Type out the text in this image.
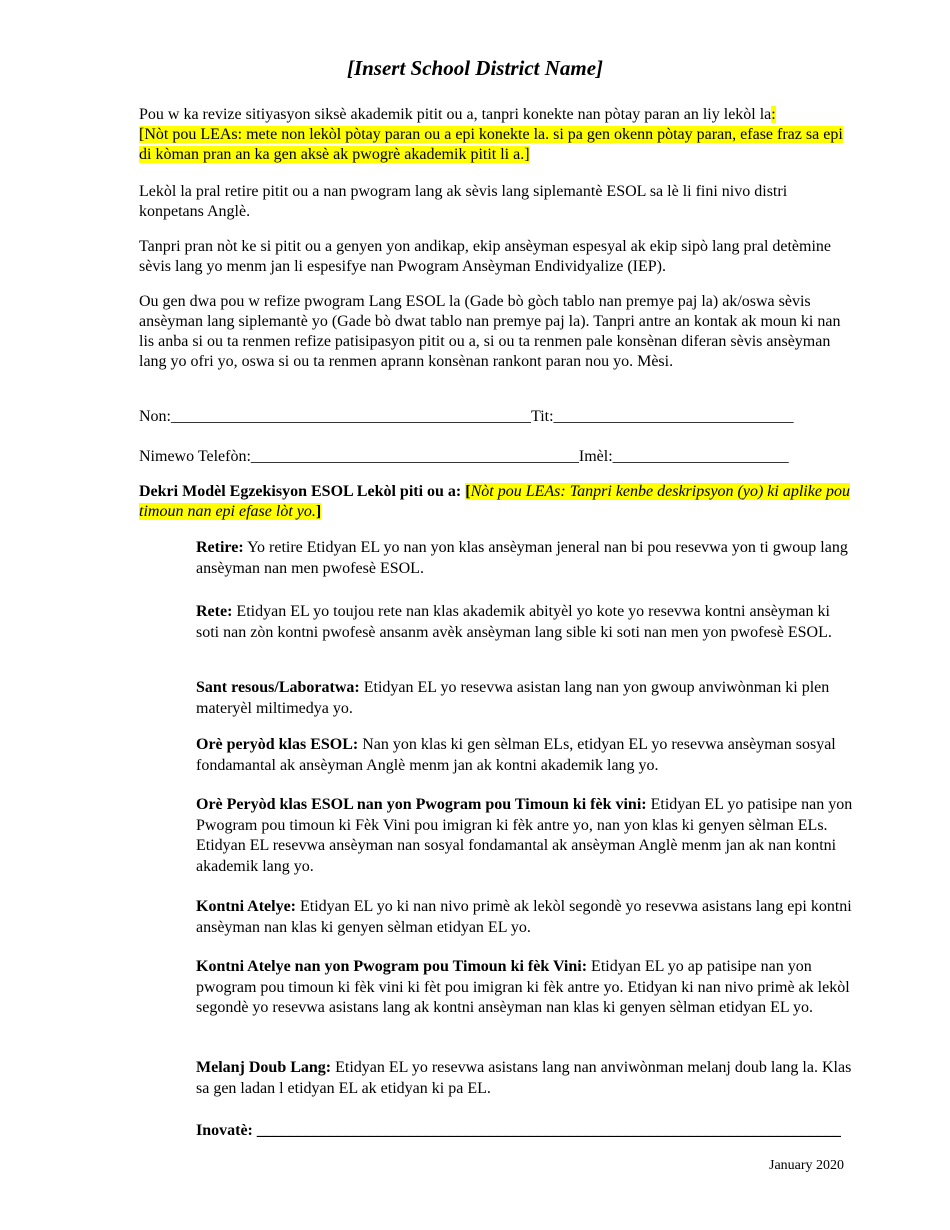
[Insert School District Name]
Pou w ka revize sitiyasyon siksè akademik pitit ou a, tanpri konekte nan pòtay paran an liy lekòl la:
[Nòt pou LEAs: mete non lekòl pòtay paran ou a epi konekte la. si pa gen okenn pòtay paran, efase fraz sa epi di kòman pran an ka gen aksè ak pwogrè akademik pitit li a.]
Lekòl la pral retire pitit ou a nan pwogram lang ak sèvis lang siplemantè ESOL sa lè li fini nivo distri konpetans Anglè.
Tanpri pran nòt ke si pitit ou a genyen yon andikap, ekip ansèyman espesyal ak ekip sipò lang pral detèmine sèvis lang yo menm jan li espesifye nan Pwogram Ansèyman Endividyalize (IEP).
Ou gen dwa pou w refize pwogram Lang ESOL la (Gade bò gòch tablo nan premye paj la) ak/oswa sèvis ansèyman lang siplemantè yo (Gade bò dwat tablo nan premye paj la). Tanpri antre an kontak ak moun ki nan lis anba si ou ta renmen refize patisipasyon pitit ou a, si ou ta renmen pale konsènan diferan sèvis ansèyman lang yo ofri yo, oswa si ou ta renmen aprann konsènan rankont paran nou yo. Mèsi.
Non:_____________________________________________Tit:______________________________
Nimewo Telefòn:_________________________________________Imèl:______________________
Dekri Modèl Egzekisyon ESOL Lekòl piti ou a: [Nòt pou LEAs: Tanpri kenbe deskripsyon (yo) ki aplike pou timoun nan epi efase lòt yo.]
Retire: Yo retire Etidyan EL yo nan yon klas ansèyman jeneral nan bi pou resevwa yon ti gwoup lang ansèyman nan men pwofesè ESOL.
Rete: Etidyan EL yo toujou rete nan klas akademik abityèl yo kote yo resevwa kontni ansèyman ki soti nan zòn kontni pwofesè ansanm avèk ansèyman lang sible ki soti nan men yon pwofesè ESOL.
Sant resous/Laboratwa: Etidyan EL yo resevwa asistan lang nan yon gwoup anviwònman ki plen materyèl miltimedya yo.
Orè peryòd klas ESOL: Nan yon klas ki gen sèlman ELs, etidyan EL yo resevwa ansèyman sosyal fondamantal ak ansèyman Anglè menm jan ak kontni akademik lang yo.
Orè Peryòd klas ESOL nan yon Pwogram pou Timoun ki fèk vini: Etidyan EL yo patisipe nan yon Pwogram pou timoun ki Fèk Vini pou imigran ki fèk antre yo, nan yon klas ki genyen sèlman ELs. Etidyan EL resevwa ansèyman nan sosyal fondamantal ak ansèyman Anglè menm jan ak nan kontni akademik lang yo.
Kontni Atelye: Etidyan EL yo ki nan nivo primè ak lekòl segondè yo resevwa asistans lang epi kontni ansèyman nan klas ki genyen sèlman etidyan EL yo.
Kontni Atelye nan yon Pwogram pou Timoun ki fèk Vini: Etidyan EL yo ap patisipe nan yon pwogram pou timoun ki fèk vini ki fèt pou imigran ki fèk antre yo. Etidyan ki nan nivo primè ak lekòl segondè yo resevwa asistans lang ak kontni ansèyman nan klas ki genyen sèlman etidyan EL yo.
Melanj Doub Lang: Etidyan EL yo resevwa asistans lang nan anviwònman melanj doub lang la. Klas sa gen ladan l etidyan EL ak etidyan ki pa EL.
Inovatè: _________________________________________________________________________
January 2020
